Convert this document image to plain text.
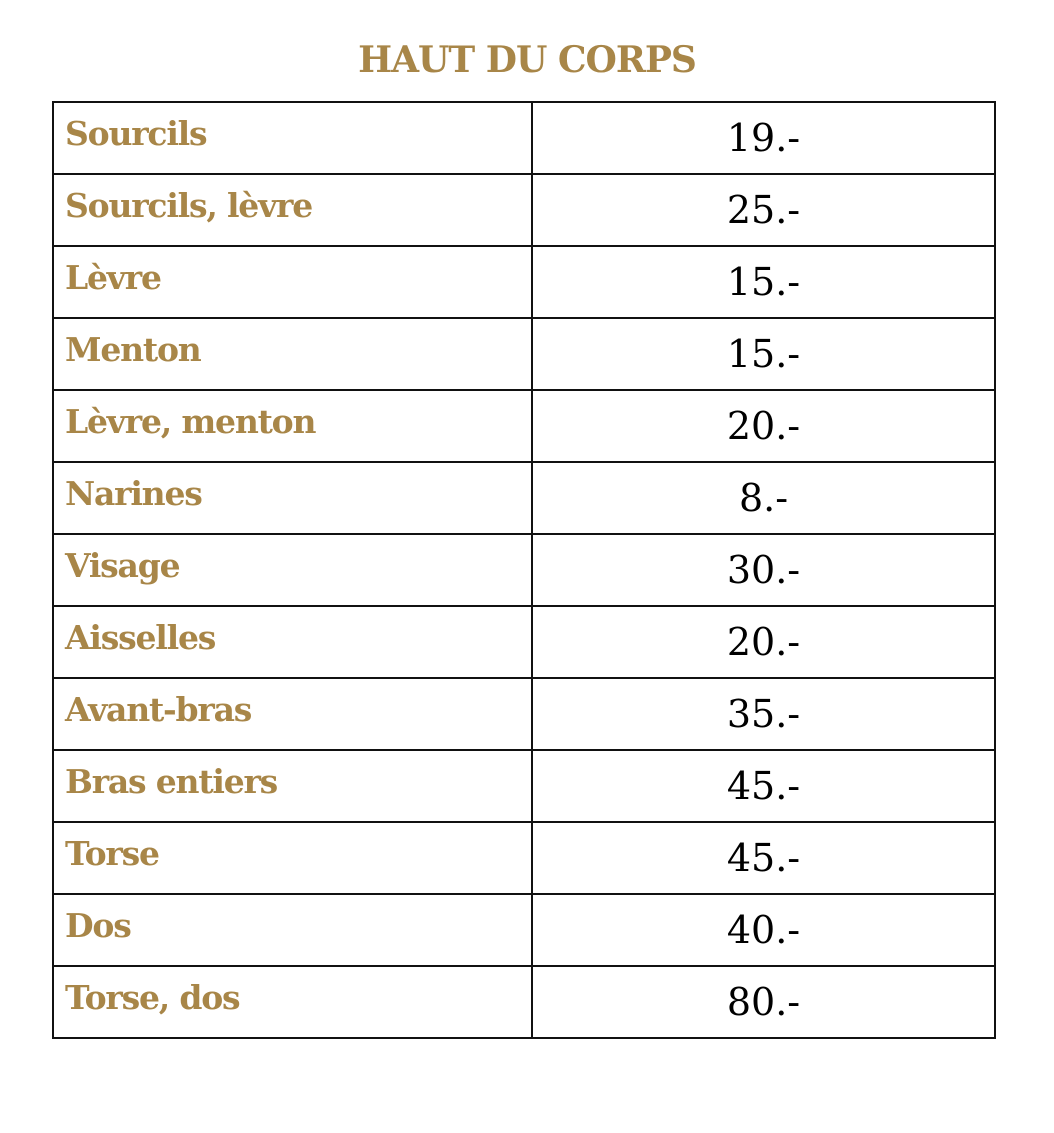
HAUT DU CORPS
Sourcils	19.-
Sourcils, lèvre	25.-
Lèvre	15.-
Menton	15.-
Lèvre, menton	20.-
Narines	8.-
Visage	30.-
Aisselles	20.-
Avant-bras	35.-
Bras entiers	45.-
Torse	45.-
Dos	40.-
Torse, dos	80.-
